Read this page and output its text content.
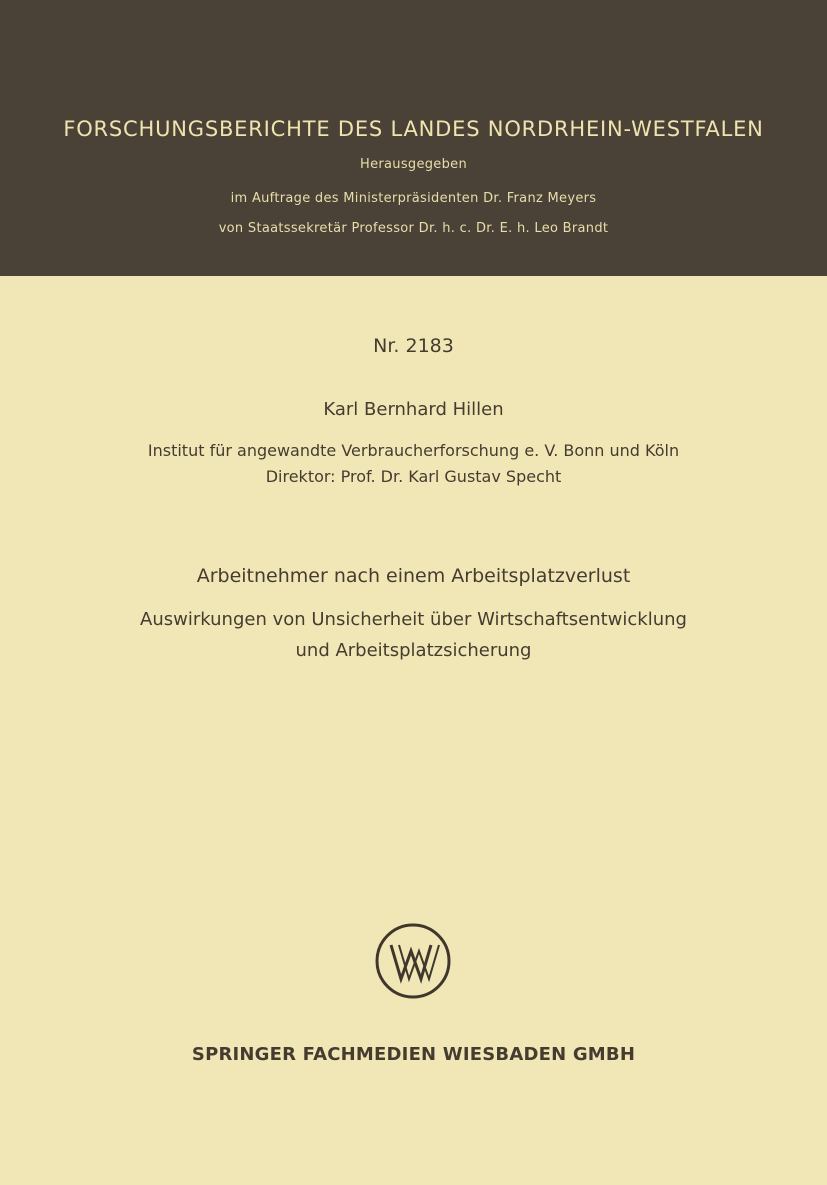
FORSCHUNGSBERICHTE DES LANDES NORDRHEIN-WESTFALEN
Herausgegeben
im Auftrage des Ministerpräsidenten Dr. Franz Meyers
von Staatssekretär Professor Dr. h. c. Dr. E. h. Leo Brandt
Nr. 2183
Karl Bernhard Hillen
Institut für angewandte Verbraucherforschung e. V. Bonn und Köln
Direktor: Prof. Dr. Karl Gustav Specht
Arbeitnehmer nach einem Arbeitsplatzverlust
Auswirkungen von Unsicherheit über Wirtschaftsentwicklung
und Arbeitsplatzsicherung
SPRINGER FACHMEDIEN WIESBADEN GMBH
